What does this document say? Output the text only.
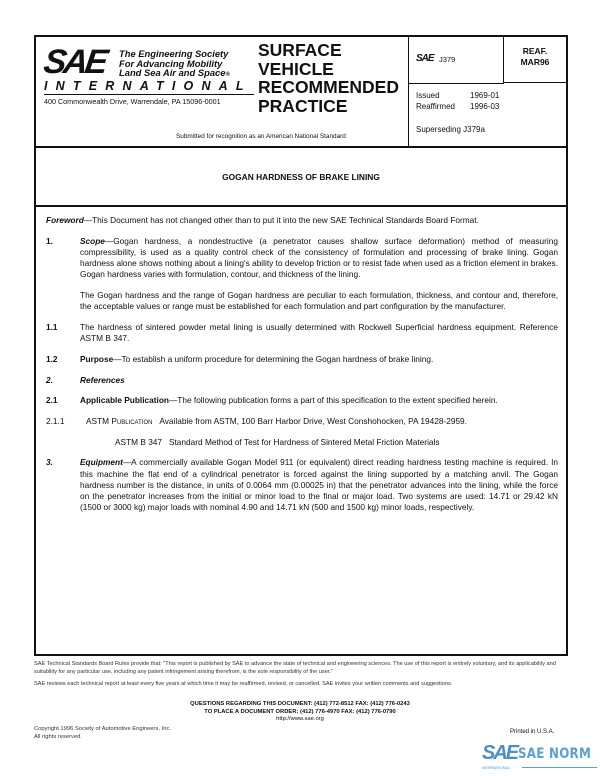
SAE The Engineering Society
For Advancing Mobility
Land Sea Air and Space®
INTERNATIONAL
400 Commonwealth Drive, Warrendale, PA 15096-0001
SURFACE
VEHICLE
RECOMMENDED
PRACTICE
Submitted for recognition as an American National Standard
SAE J379
REAF.
MAR96
Issued	1969-01
Reaffirmed	1996-03
Superseding J379a
GOGAN HARDNESS OF BRAKE LINING

Foreword—This Document has not changed other than to put it into the new SAE Technical Standards Board Format.

1.	Scope—Gogan hardness, a nondestructive (a penetrator causes shallow surface deformation) method of measuring compressibility, is used as a quality control check of the consistency of formulation and processing of brake lining. Gogan hardness alone shows nothing about a lining's ability to develop friction or to resist fade when used as a friction element in brakes. Gogan hardness varies with formulation, contour, and thickness of the lining.
The Gogan hardness and the range of Gogan hardness are peculiar to each formulation, thickness, and contour and, therefore, the acceptable values or range must be established for each formulation and part configuration by the manufacturer.
1.1	The hardness of sintered powder metal lining is usually determined with Rockwell Superficial hardness equipment. Reference ASTM B 347.
1.2	Purpose—To establish a uniform procedure for determining the Gogan hardness of brake lining.
2.	References
2.1	Applicable Publication—The following publication forms a part of this specification to the extent specified herein.
2.1.1	ASTM Publication Available from ASTM, 100 Barr Harbor Drive, West Conshohocken, PA 19428-2959.
ASTM B 347 Standard Method of Test for Hardness of Sintered Metal Friction Materials
3.	Equipment—A commercially available Gogan Model 911 (or equivalent) direct reading hardness testing machine is required. In this machine the flat end of a cylindrical penetrator is forced against the lining supported by a matching anvil. The Gogan hardness number is the distance, in units of 0.0064 mm (0.00025 in) that the penetrator advances into the lining, while the force on the penetrator increases from the initial or minor load to the final or major load. Two systems are used: 14.71 or 29.42 kN (1500 or 3000 kg) major loads with nominal 4.90 and 14.71 kN (500 and 1500 kg) minor loads, respectively.

SAE Technical Standards Board Rules provide that: "This report is published by SAE to advance the state of technical and engineering sciences. The use of this report is entirely voluntary, and its applicability and suitability for any particular use, including any patent infringement arising therefrom, is the sole responsibility of the user."

SAE reviews each technical report at least every five years at which time it may be reaffirmed, revised, or cancelled. SAE invites your written comments and suggestions.

QUESTIONS REGARDING THIS DOCUMENT: (412) 772-8512 FAX: (412) 776-0243
TO PLACE A DOCUMENT ORDER; (412) 776-4970 FAX: (412) 776-0790
http://www.sae.org
Copyright 1996 Society of Automotive Engineers, Inc.
All rights reserved.
Printed in U.S.A.
SAE SAE NORM
INTERNATIONAL
